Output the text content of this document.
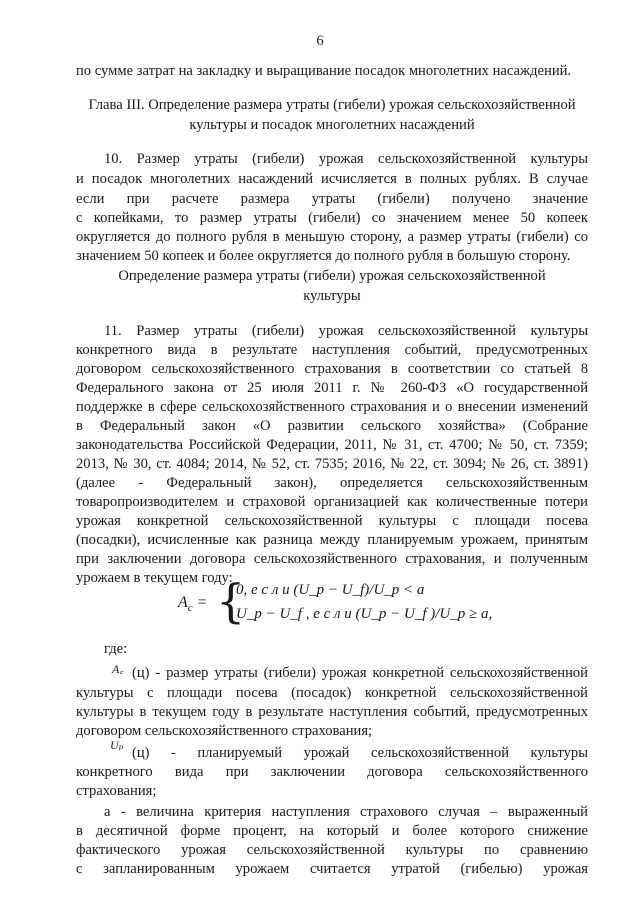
6
по сумме затрат на закладку и выращивание посадок многолетних насаждений.
Глава III. Определение размера утраты (гибели) урожая сельскохозяйственной
культуры и посадок многолетних насаждений
10. Размер утраты (гибели) урожая сельскохозяйственной культуры
и посадок многолетних насаждений исчисляется в полных рублях. В случае
если при расчете размера утраты (гибели) получено значение
с копейками, то размер утраты (гибели) со значением менее 50 копеек
округляется до полного рубля в меньшую сторону, а размер утраты (гибели) со
значением 50 копеек и более округляется до полного рубля в большую сторону.
Определение размера утраты (гибели) урожая сельскохозяйственной
культуры
11. Размер утраты (гибели) урожая сельскохозяйственной культуры
конкретного вида в результате наступления событий, предусмотренных
договором сельскохозяйственного страхования в соответствии со статьей 8
Федерального закона от 25 июля 2011 г. № 260-ФЗ «О государственной
поддержке в сфере сельскохозяйственного страхования и о внесении изменений
в Федеральный закон «О развитии сельского хозяйства» (Собрание
законодательства Российской Федерации, 2011, № 31, ст. 4700; № 50, ст. 7359;
2013, № 30, ст. 4084; 2014, № 52, ст. 7535; 2016, № 22, ст. 3094; № 26, ст. 3891)
(далее - Федеральный закон), определяется сельскохозяйственным
товаропроизводителем и страховой организацией как количественные потери
урожая конкретной сельскохозяйственной культуры с площади посева
(посадки), исчисленные как разница между планируемым урожаем, принятым
при заключении договора сельскохозяйственного страхования, и полученным
урожаем в текущем году:
$A_c$ = {
0, е с л и (U_p − U_f)/U_p < a
U_p − U_f , е с л и (U_p − U_f )/U_p ≥ a,
где:
A꜀ (ц) - размер утраты (гибели) урожая конкретной сельскохозяйственной
культуры с площади посева (посадок) конкретной сельскохозяйственной
культуры в текущем году в результате наступления событий, предусмотренных
договором сельскохозяйственного страхования;
Uₚ (ц) - планируемый урожай сельскохозяйственной культуры
конкретного вида при заключении договора сельскохозяйственного
страхования;
а - величина критерия наступления страхового случая – выраженный
в десятичной форме процент, на который и более которого снижение
фактического урожая сельскохозяйственной культуры по сравнению
с запланированным урожаем считается утратой (гибелью) урожая
